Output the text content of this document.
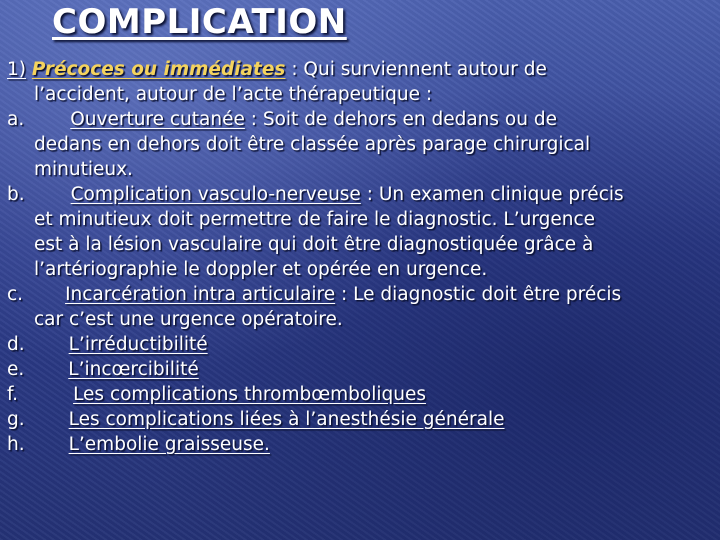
COMPLICATION
1) Précoces ou immédiates : Qui surviennent autour de
l’accident, autour de l’acte thérapeutique :
a. Ouverture cutanée : Soit de dehors en dedans ou de
dedans en dehors doit être classée après parage chirurgical
minutieux.
b. Complication vasculo-nerveuse : Un examen clinique précis
et minutieux doit permettre de faire le diagnostic. L’urgence
est à la lésion vasculaire qui doit être diagnostiquée grâce à
l’artériographie le doppler et opérée en urgence.
c. Incarcération intra articulaire : Le diagnostic doit être précis
car c’est une urgence opératoire.
d. L’irréductibilité
e. L’incœrcibilité
f.	Les complications thrombœmboliques
g. Les complications liées à l’anesthésie générale
h. L’embolie graisseuse.
